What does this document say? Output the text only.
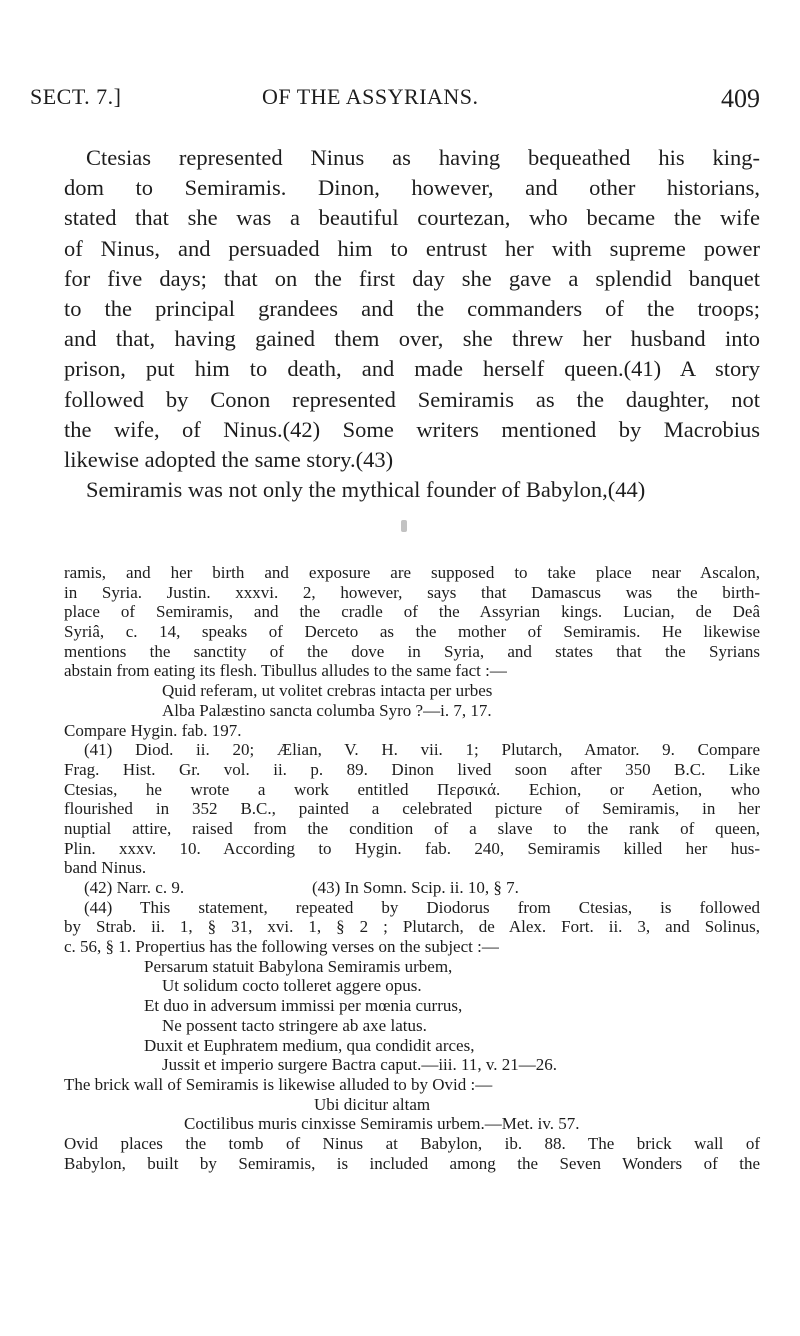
SECT. 7.]	OF THE ASSYRIANS.	409
Ctesias represented Ninus as having bequeathed his king-
dom to Semiramis. Dinon, however, and other historians,
stated that she was a beautiful courtezan, who became the wife
of Ninus, and persuaded him to entrust her with supreme power
for five days; that on the first day she gave a splendid banquet
to the principal grandees and the commanders of the troops;
and that, having gained them over, she threw her husband into
prison, put him to death, and made herself queen.(41) A story
followed by Conon represented Semiramis as the daughter, not
the wife, of Ninus.(42) Some writers mentioned by Macrobius
likewise adopted the same story.(43)
Semiramis was not only the mythical founder of Babylon,(44)
ramis, and her birth and exposure are supposed to take place near Ascalon,
in Syria. Justin. xxxvi. 2, however, says that Damascus was the birth-
place of Semiramis, and the cradle of the Assyrian kings. Lucian, de Deâ
Syriâ, c. 14, speaks of Derceto as the mother of Semiramis. He likewise
mentions the sanctity of the dove in Syria, and states that the Syrians
abstain from eating its flesh. Tibullus alludes to the same fact :—
Quid referam, ut volitet crebras intacta per urbes
Alba Palæstino sancta columba Syro ?—i. 7, 17.
Compare Hygin. fab. 197.
(41) Diod. ii. 20; Ælian, V. H. vii. 1; Plutarch, Amator. 9. Compare
Frag. Hist. Gr. vol. ii. p. 89. Dinon lived soon after 350 B.C. Like
Ctesias, he wrote a work entitled Περσικά. Echion, or Aetion, who
flourished in 352 B.C., painted a celebrated picture of Semiramis, in her
nuptial attire, raised from the condition of a slave to the rank of queen,
Plin. xxxv. 10. According to Hygin. fab. 240, Semiramis killed her hus-
band Ninus.
(42) Narr. c. 9.	(43) In Somn. Scip. ii. 10, § 7.
(44) This statement, repeated by Diodorus from Ctesias, is followed
by Strab. ii. 1, § 31, xvi. 1, § 2 ; Plutarch, de Alex. Fort. ii. 3, and Solinus,
c. 56, § 1. Propertius has the following verses on the subject :—
Persarum statuit Babylona Semiramis urbem,
Ut solidum cocto tolleret aggere opus.
Et duo in adversum immissi per mœnia currus,
Ne possent tacto stringere ab axe latus.
Duxit et Euphratem medium, qua condidit arces,
Jussit et imperio surgere Bactra caput.—iii. 11, v. 21—26.
The brick wall of Semiramis is likewise alluded to by Ovid :—
Ubi dicitur altam
Coctilibus muris cinxisse Semiramis urbem.—Met. iv. 57.
Ovid places the tomb of Ninus at Babylon, ib. 88. The brick wall of
Babylon, built by Semiramis, is included among the Seven Wonders of the
